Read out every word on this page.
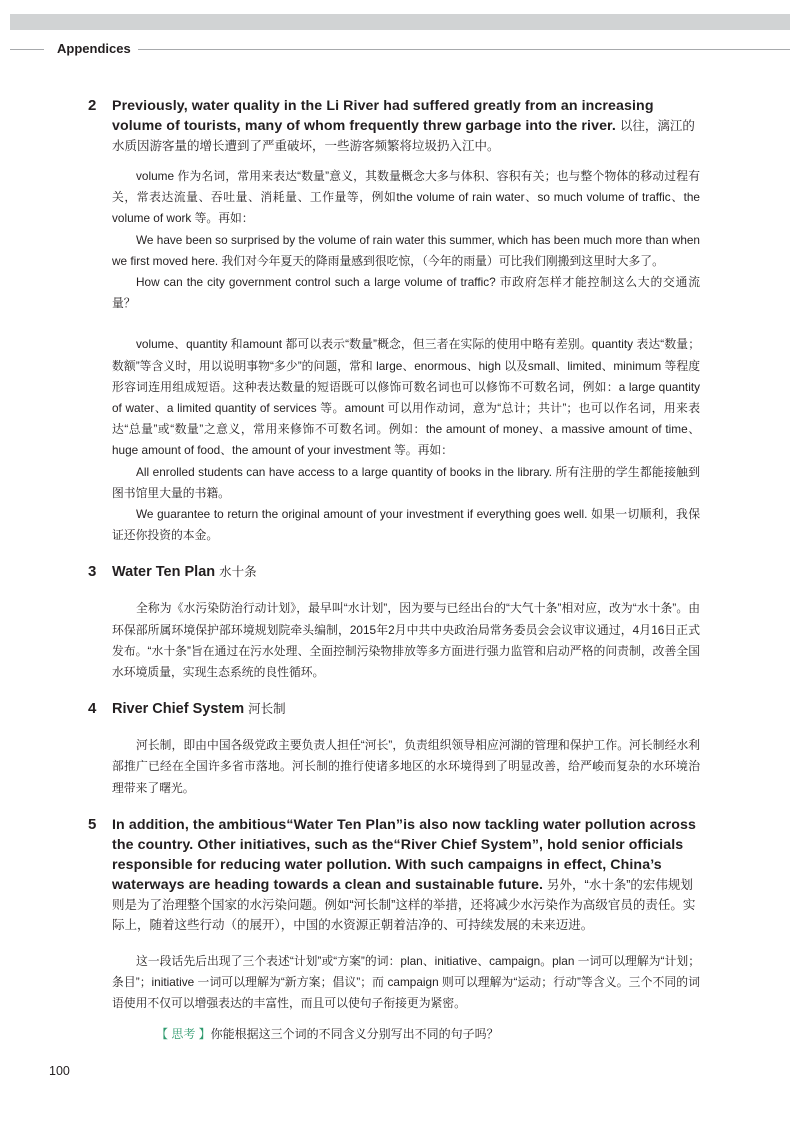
Appendices
2 Previously, water quality in the Li River had suffered greatly from an increasing volume of tourists, many of whom frequently threw garbage into the river. 以往，漓江的水质因游客量的增长遭到了严重破坏，一些游客频繁将垃圾扔入江中。

volume 作为名词，常用来表达“数量”意义，其数量概念大多与体积、容积有关；也与整个物体的移动过程有关，常表达流量、吞吐量、消耗量、工作量等，例如the volume of rain water、so much volume of traffic、the volume of work 等。再如：

We have been so surprised by the volume of rain water this summer, which has been much more than when we first moved here. 我们对今年夏天的降雨量感到很吃惊，（今年的雨量）可比我们刚搬到这里时大多了。

How can the city government control such a large volume of traffic? 市政府怎样才能控制这么大的交通流量？

volume、quantity 和amount 都可以表示“数量”概念，但三者在实际的使用中略有差别。quantity 表达“数量；数额”等含义时，用以说明事物“多少”的问题，常和 large、enormous、high 以及small、limited、minimum 等程度形容词连用组成短语。这种表达数量的短语既可以修饰可数名词也可以修饰不可数名词，例如：a large quantity of water、a limited quantity of services 等。amount 可以用作动词，意为“总计；共计”；也可以作名词，用来表达“总量”或“数量”之意义，常用来修饰不可数名词。例如：the amount of money、a massive amount of time、huge amount of food、the amount of your investment 等。再如：

All enrolled students can have access to a large quantity of books in the library. 所有注册的学生都能接触到图书馆里大量的书籍。

We guarantee to return the original amount of your investment if everything goes well. 如果一切顺利，我保证还你投资的本金。

3 Water Ten Plan 水十条

全称为《水污染防治行动计划》，最早叫“水计划”，因为要与已经出台的“大气十条”相对应，改为“水十条”。由环保部所属环境保护部环境规划院牵头编制，2015年2月中共中央政治局常务委员会会议审议通过，4月16日正式发布。“水十条”旨在通过在污水处理、全面控制污染物排放等多方面进行强力监管和启动严格的问责制，改善全国水环境质量，实现生态系统的良性循环。

4 River Chief System 河长制

河长制，即由中国各级党政主要负责人担任“河长”，负责组织领导相应河湖的管理和保护工作。河长制经水利部推广已经在全国许多省市落地。河长制的推行使诸多地区的水环境得到了明显改善，给严峻而复杂的水环境治理带来了曙光。

5 In addition, the ambitious“Water Ten Plan”is also now tackling water pollution across the country. Other initiatives, such as the“River Chief System”, hold senior officials responsible for reducing water pollution. With such campaigns in effect, China’s waterways are heading towards a clean and sustainable future. 另外，“水十条”的宏伟规划则是为了治理整个国家的水污染问题。例如“河长制”这样的举措，还将减少水污染作为高级官员的责任。实际上，随着这些行动（的展开），中国的水资源正朝着洁净的、可持续发展的未来迈进。

这一段话先后出现了三个表述“计划”或“方案”的词：plan、initiative、campaign。plan 一词可以理解为“计划；条目”；initiative 一词可以理解为“新方案；倡议”；而 campaign 则可以理解为“运动；行动”等含义。三个不同的词语使用不仅可以增强表达的丰富性，而且可以使句子衔接更为紧密。

【 思考 】你能根据这三个词的不同含义分别写出不同的句子吗？

100
